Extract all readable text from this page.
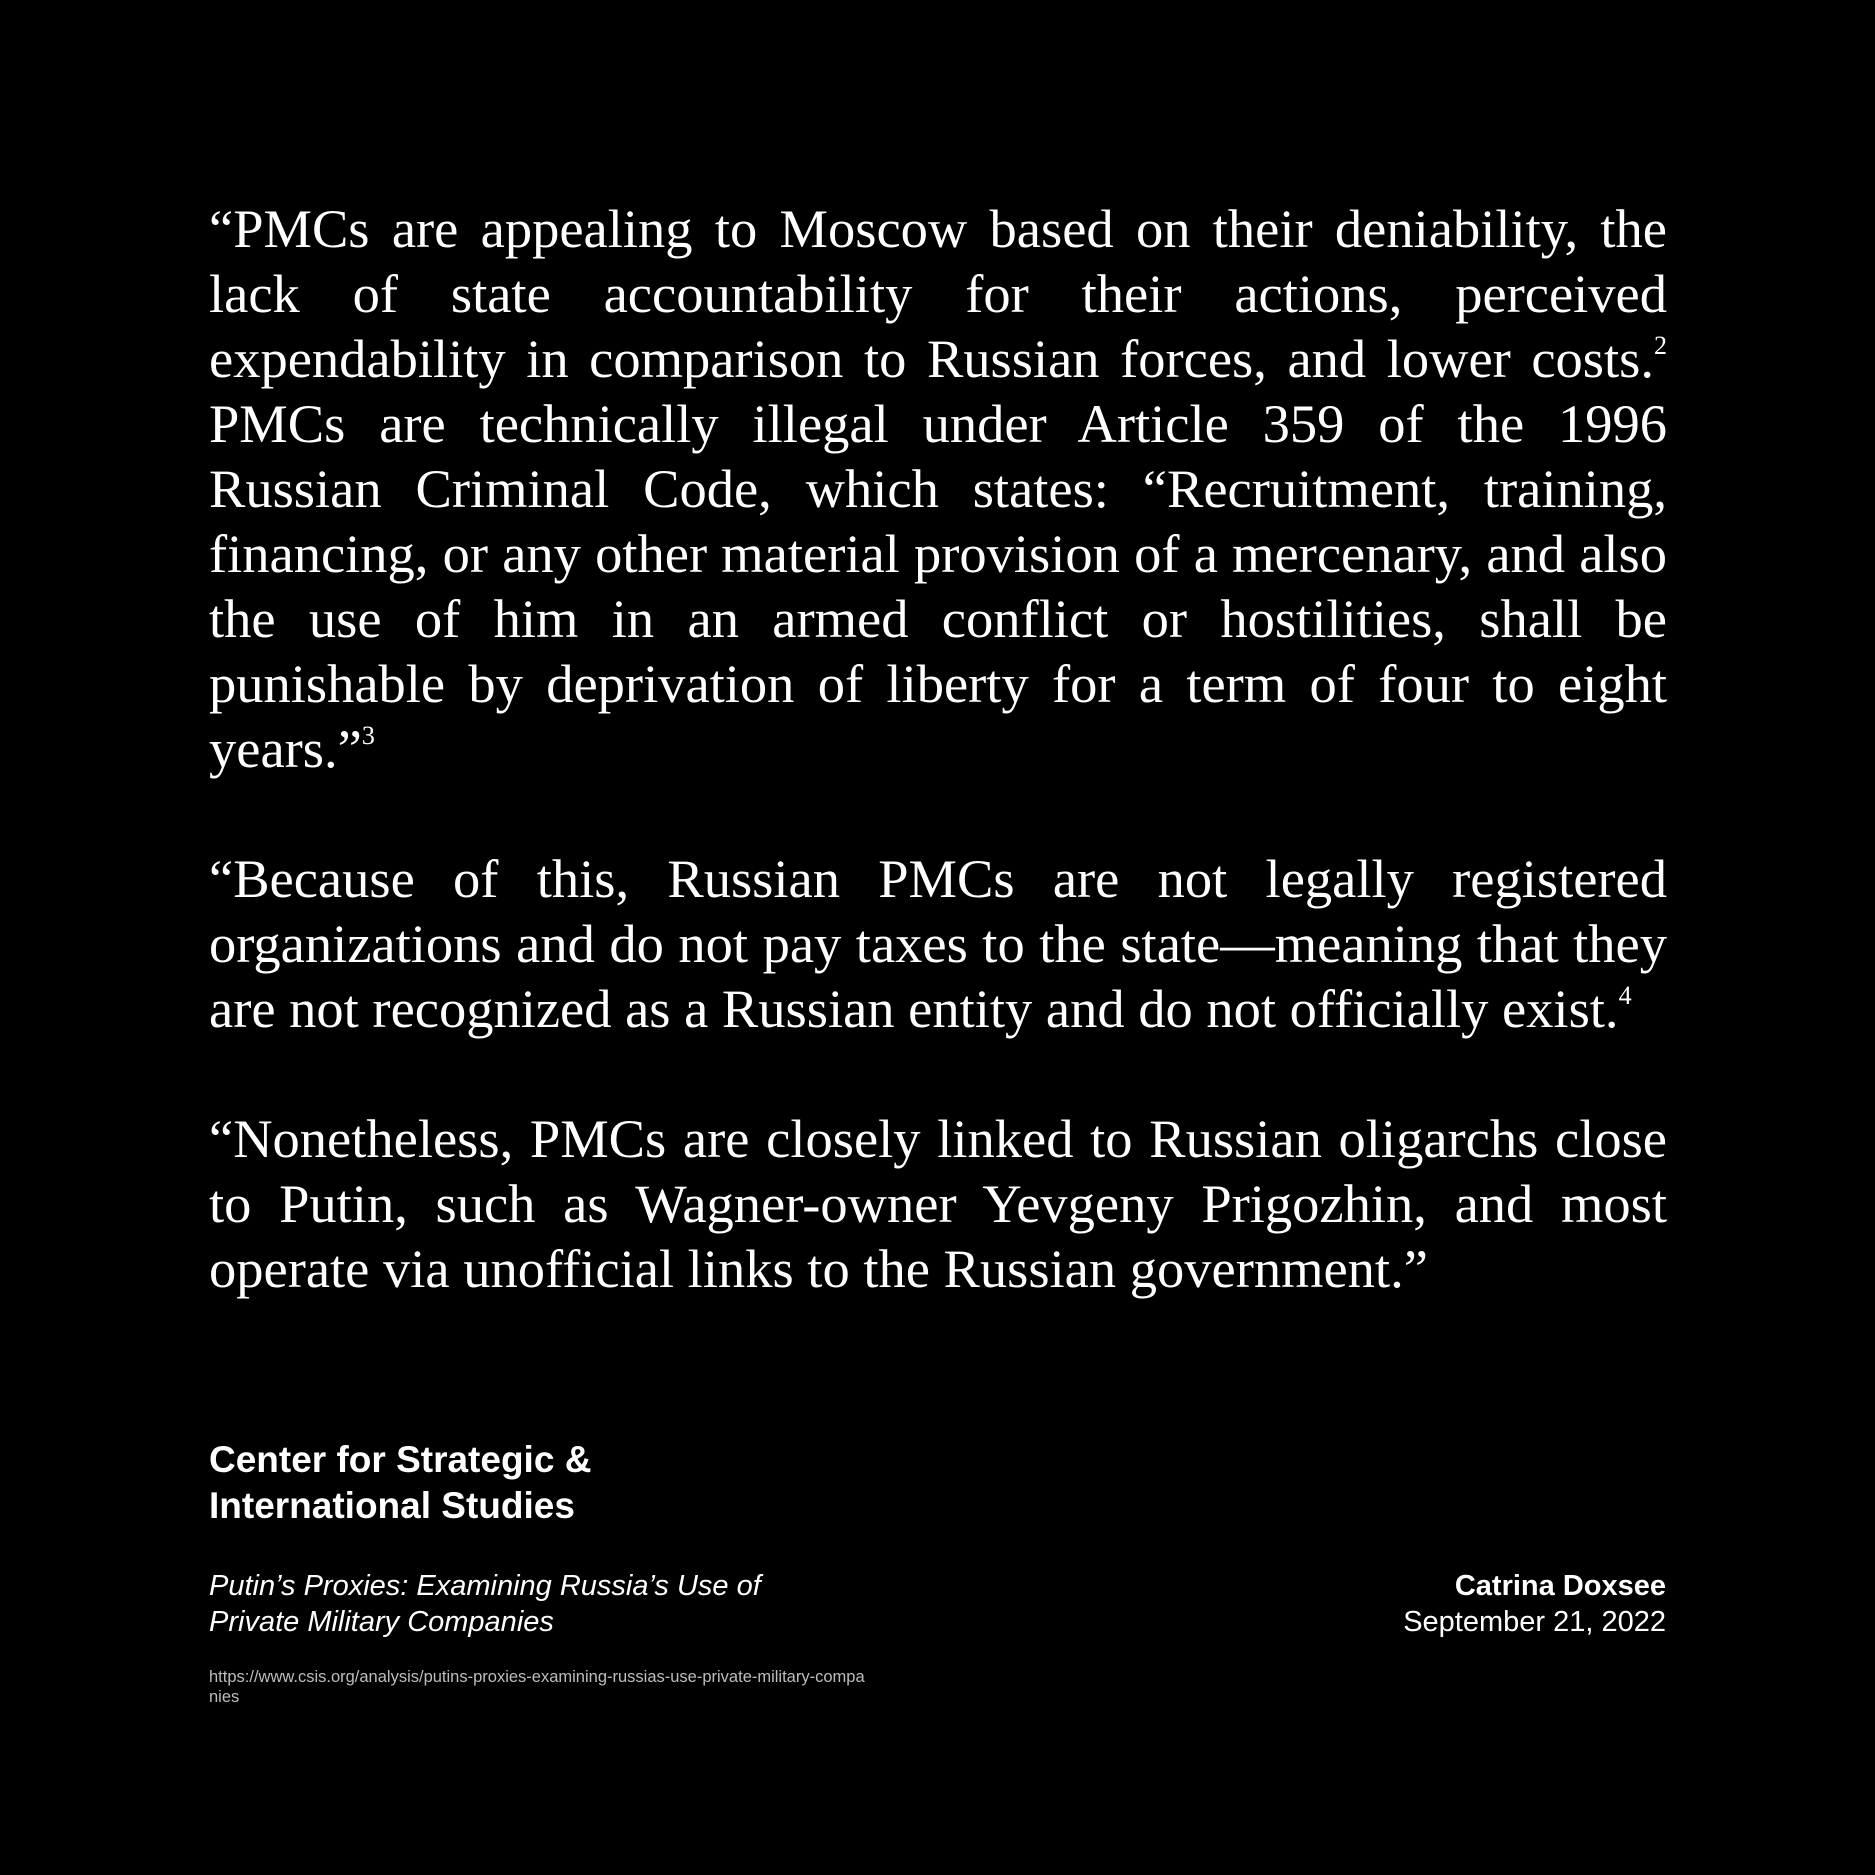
“PMCs are appealing to Moscow based on their deniability, the lack of state accountability for their actions, perceived expendability in comparison to Russian forces, and lower costs.$^2$ PMCs are technically illegal under Article 359 of the 1996 Russian Criminal Code, which states: “Recruitment, training, financing, or any other material provision of a mercenary, and also the use of him in an armed conflict or hostilities, shall be punishable by deprivation of liberty for a term of four to eight years.”$^3$

“Because of this, Russian PMCs are not legally registered organizations and do not pay taxes to the state—meaning that they are not recognized as a Russian entity and do not officially exist.$^4$

“Nonetheless, PMCs are closely linked to Russian oligarchs close to Putin, such as Wagner-owner Yevgeny Prigozhin, and most operate via unofficial links to the Russian government.”

Center for Strategic &
International Studies
Putin’s Proxies: Examining Russia’s Use of
Private Military Companies
https://www.csis.org/analysis/putins-proxies-examining-russias-use-private-military-companies
Catrina Doxsee
September 21, 2022
